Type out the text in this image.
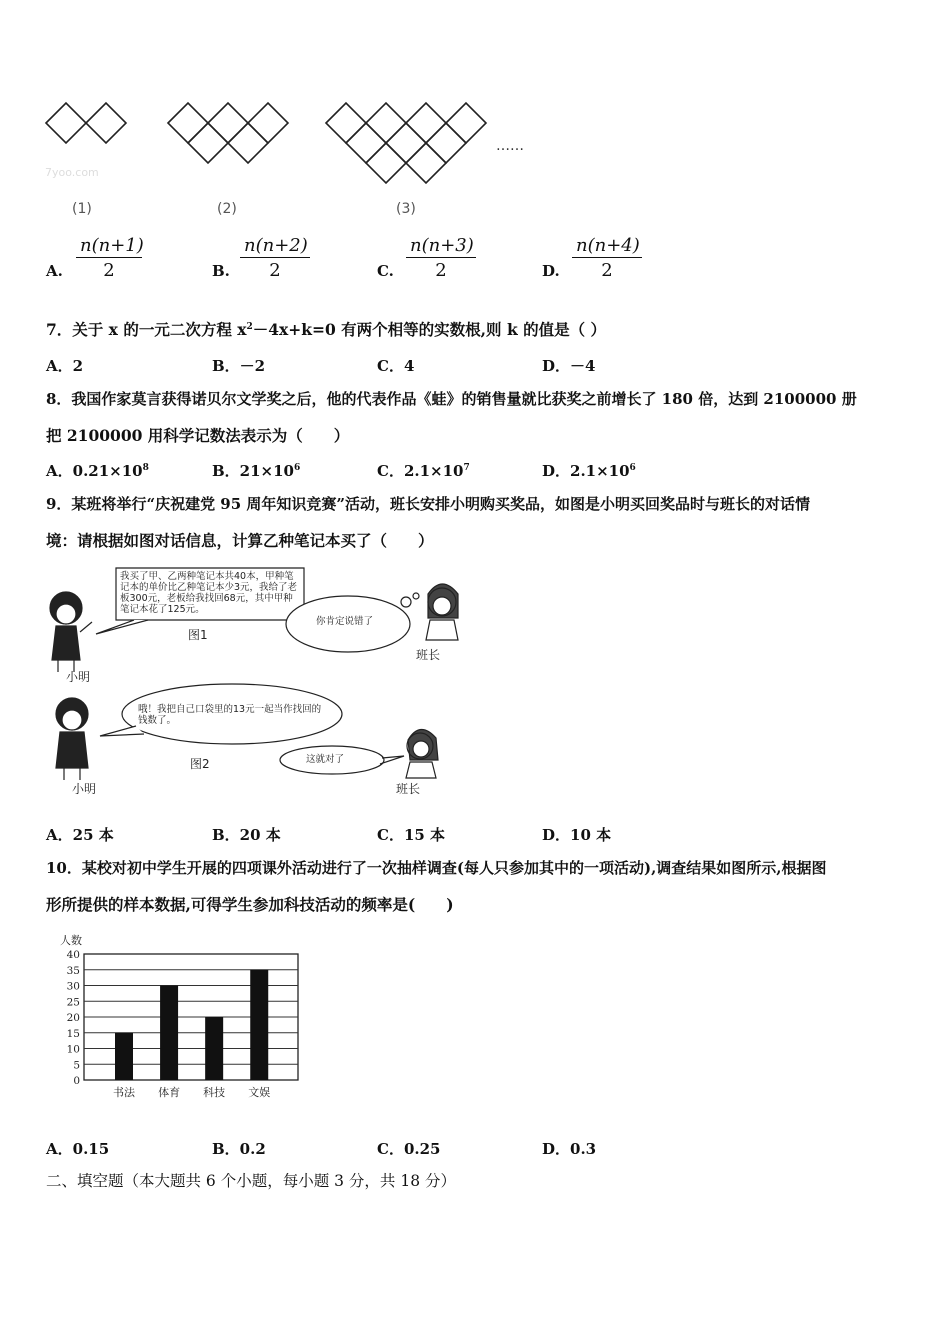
……
7yoo.com
(1)	(2)	(3)
A.
n(n+1)
2	B.
n(n+2)
2	C.
n(n+3)
2	D.
n(n+4)
2
7．关于 x 的一元二次方程 $x^2-4x+k=0$ 有两个相等的实数根,则 k 的值是（ ）
A．2	B．－2	C．4	D．－4
8．我国作家莫言获得诺贝尔文学奖之后，他的代表作品《蛙》的销售量就比获奖之前增长了 180 倍，达到 2100000 册
把 2100000 用科学记数法表示为（　　）
A．$0.21\times 10^8$	B．$21\times 10^6$	C．$2.1\times 10^7$	D．$2.1\times 10^6$
9．某班将举行“庆祝建党 95 周年知识竞赛”活动，班长安排小明购买奖品，如图是小明买回奖品时与班长的对话情
境：请根据如图对话信息，计算乙种笔记本买了（　　）
我买了甲、乙两种笔记本共40本，甲种笔记本的单价比乙种笔记本少3元，我给了老板300元，老板给我找回68元，其中甲种笔记本花了125元。
你肯定说错了
图1
小明
班长
哦！我把自己口袋里的13元一起当作找回的钱数了。
这就对了
图2
小明	班长
A．25 本	B．20 本	C．15 本	D．10 本
10．某校对初中学生开展的四项课外活动进行了一次抽样调查(每人只参加其中的一项活动),调查结果如图所示,根据图
形所提供的样本数据,可得学生参加科技活动的频率是(　　)
人数
0
5
10
15
20
25
30
35
40
书法 体育 科技 文娱
A．0.15	B．0.2	C．0.25	D．0.3
二、填空题（本大题共 6 个小题，每小题 3 分，共 18 分）
